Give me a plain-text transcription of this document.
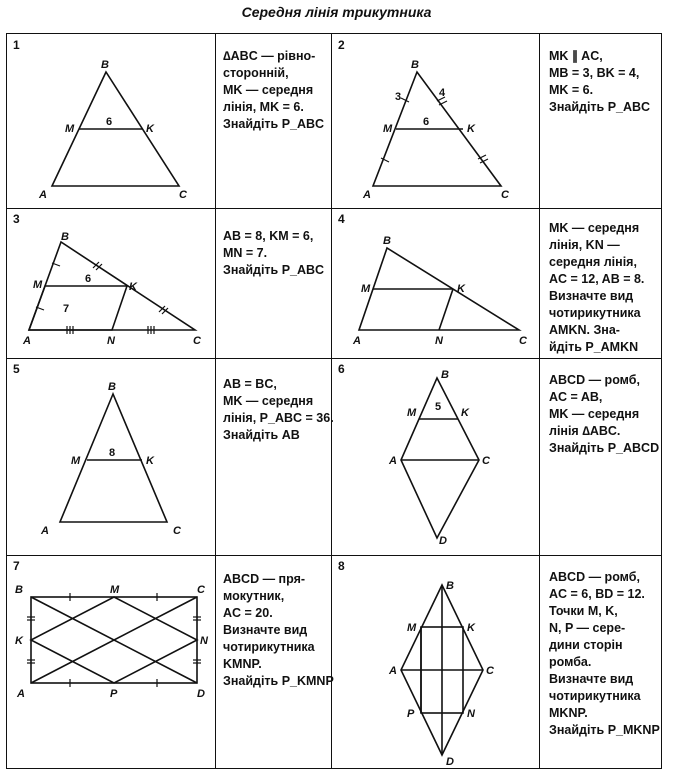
Середня лінія трикутника
1
B
M	K
A	C
6
∆ABC — рівно-
сторонній,
MK — середня
лінія, MK = 6.
Знайдіть P_ABC
2
B
M	K
A	C
6
3	4
MK ∥ AC,
MB = 3, BK = 4,
MK = 6.
Знайдіть P_ABC
3
B
M	K
A	C
N
6
7
AB = 8, KM = 6,
MN = 7.
Знайдіть P_ABC
4
B
M	K
A	C
N
MK — середня
лінія, KN —
середня лінія,
AC = 12, AB = 8.
Визначте вид
чотирикутника
AMKN. Зна-
йдіть P_AMKN
5
B
M	K
A	C
8
AB = BC,
MK — середня
лінія, P_ABC = 36.
Знайдіть AB
6	B
M	K
A	C
D
5
ABCD — ромб,
AC = AB,
MK — середня
лінія ∆ABC.
Знайдіть P_ABCD
7
B	M	C
K	N
A	P	D
ABCD — пря-
мокутник,
AC = 20.
Визначте вид
чотирикутника
KMNP.
Знайдіть P_KMNP
8
B
M	K
A	C
P	N
D
ABCD — ромб,
AC = 6, BD = 12.
Точки M, K,
N, P — сере-
дини сторін
ромба.
Визначте вид
чотирикутника
MKNP.
Знайдіть P_MKNP
